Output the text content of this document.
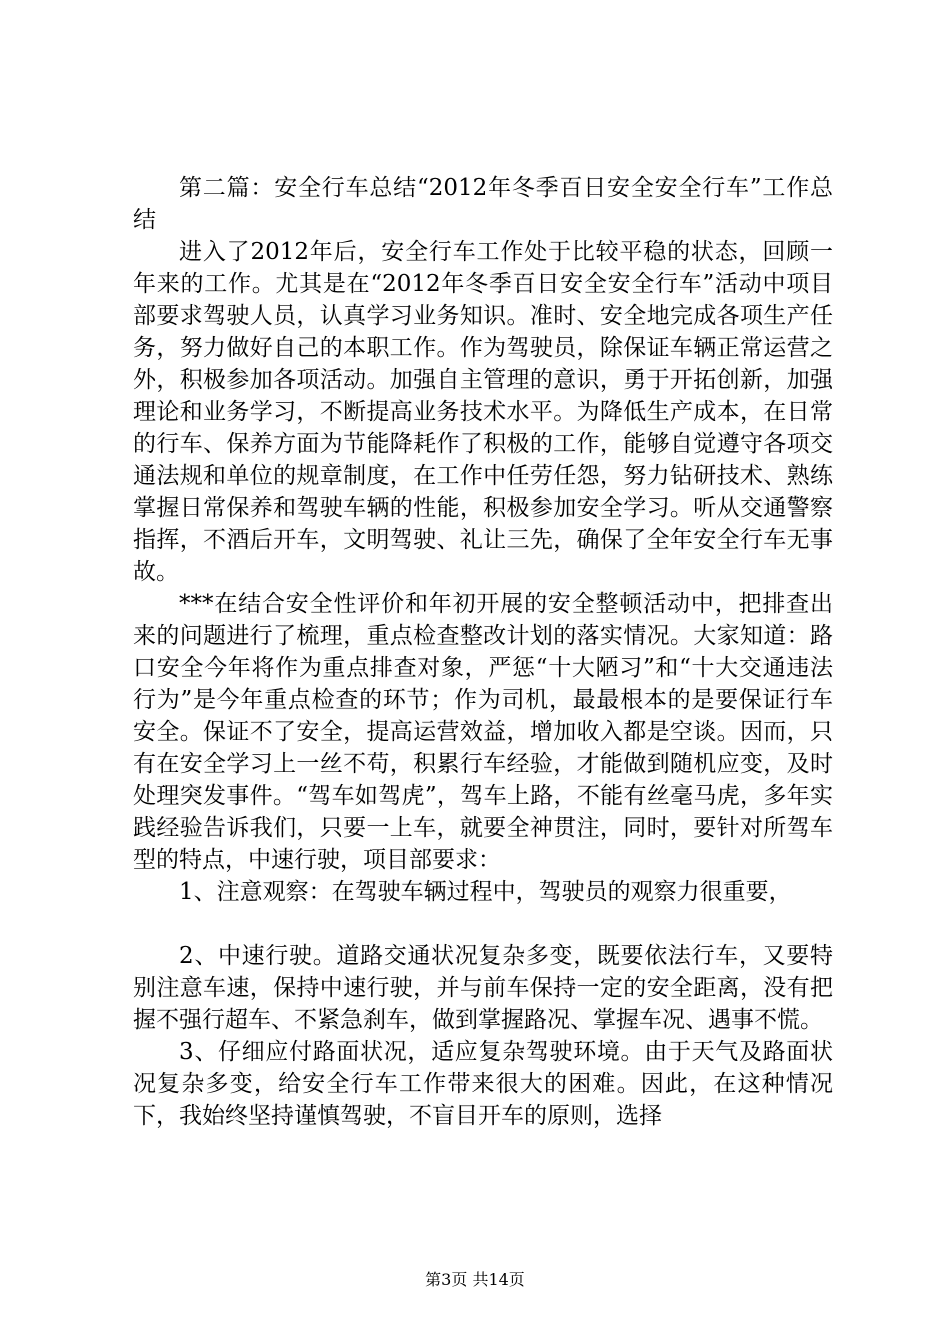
第二篇：安全行车总结“2012年冬季百日安全安全行车”工作总结

进入了2012年后，安全行车工作处于比较平稳的状态，回顾一年来的工作。尤其是在“2012年冬季百日安全安全行车”活动中项目部要求驾驶人员，认真学习业务知识。准时、安全地完成各项生产任务，努力做好自己的本职工作。作为驾驶员，除保证车辆正常运营之外，积极参加各项活动。加强自主管理的意识，勇于开拓创新，加强理论和业务学习，不断提高业务技术水平。为降低生产成本，在日常的行车、保养方面为节能降耗作了积极的工作，能够自觉遵守各项交通法规和单位的规章制度，在工作中任劳任怨，努力钻研技术、熟练掌握日常保养和驾驶车辆的性能，积极参加安全学习。听从交通警察指挥，不酒后开车，文明驾驶、礼让三先，确保了全年安全行车无事故。

***在结合安全性评价和年初开展的安全整顿活动中，把排查出来的问题进行了梳理，重点检查整改计划的落实情况。大家知道：路口安全今年将作为重点排查对象，严惩“十大陋习”和“十大交通违法行为”是今年重点检查的环节；作为司机，最最根本的是要保证行车安全。保证不了安全，提高运营效益，增加收入都是空谈。因而，只有在安全学习上一丝不苟，积累行车经验，才能做到随机应变，及时处理突发事件。“驾车如驾虎”，驾车上路，不能有丝毫马虎，多年实践经验告诉我们，只要一上车，就要全神贯注，同时，要针对所驾车型的特点，中速行驶，项目部要求：

1、注意观察：在驾驶车辆过程中，驾驶员的观察力很重要，

2、中速行驶。道路交通状况复杂多变，既要依法行车，又要特别注意车速，保持中速行驶，并与前车保持一定的安全距离，没有把握不强行超车、不紧急刹车，做到掌握路况、掌握车况、遇事不慌。

3、仔细应付路面状况，适应复杂驾驶环境。由于天气及路面状况复杂多变，给安全行车工作带来很大的困难。因此，在这种情况下，我始终坚持谨慎驾驶，不盲目开车的原则，选择

第3页 共14页
